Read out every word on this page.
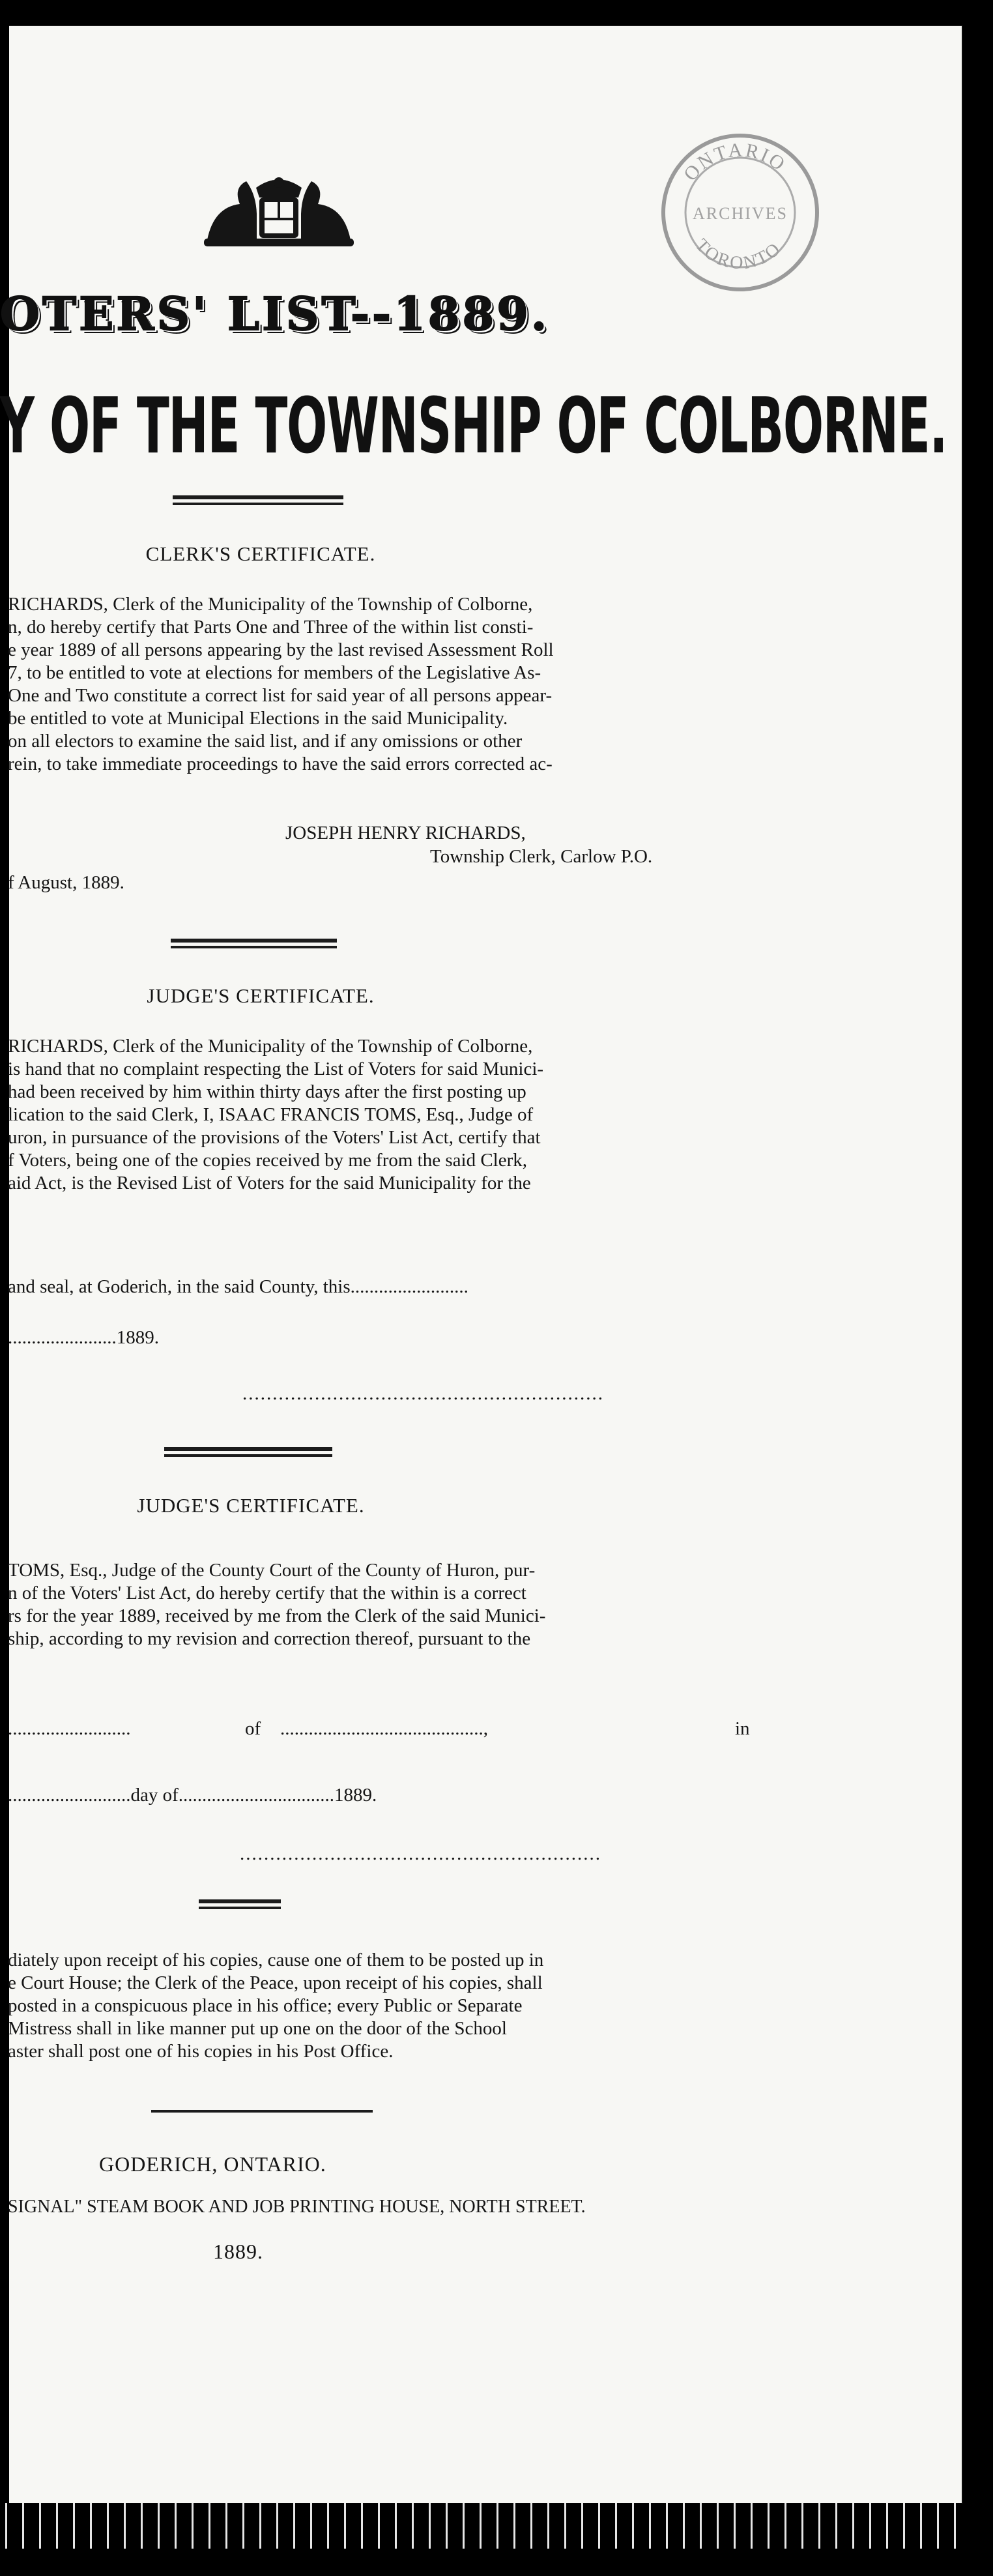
ONTARIO
TORONTO
ARCHIVES
OTERS' LIST--1889.
Y OF THE TOWNSHIP OF COLBORNE.
CLERK'S CERTIFICATE.
RICHARDS, Clerk of the Municipality of the Township of Colborne,
n, do hereby certify that Parts One and Three of the within list consti-
e year 1889 of all persons appearing by the last revised Assessment Roll
7, to be entitled to vote at elections for members of the Legislative As-
One and Two constitute a correct list for said year of all persons appear-
be entitled to vote at Municipal Elections in the said Municipality.
on all electors to examine the said list, and if any omissions or other
rein, to take immediate proceedings to have the said errors corrected ac-
JOSEPH HENRY RICHARDS,
Township Clerk, Carlow P.O.
f August, 1889.
JUDGE'S CERTIFICATE.
RICHARDS, Clerk of the Municipality of the Township of Colborne,
is hand that no complaint respecting the List of Voters for said Munici-
had been received by him within thirty days after the first posting up
lication to the said Clerk, I, ISAAC FRANCIS TOMS, Esq., Judge of
uron, in pursuance of the provisions of the Voters' List Act, certify that
f Voters, being one of the copies received by me from the said Clerk,
aid Act, is the Revised List of Voters for the said Municipality for the
and seal, at Goderich, in the said County, this.........................
.......................1889.
............................................................
JUDGE'S CERTIFICATE.
TOMS, Esq., Judge of the County Court of the County of Huron, pur-
n of the Voters' List Act, do hereby certify that the within is a correct
rs for the year 1889, received by me from the Clerk of the said Munici-
ship, according to my revision and correction thereof, pursuant to the
..........................	of ...........................................,	in
..........................day of.................................1889.
............................................................
diately upon receipt of his copies, cause one of them to be posted up in
e Court House; the Clerk of the Peace, upon receipt of his copies, shall
posted in a conspicuous place in his office; every Public or Separate
Mistress shall in like manner put up one on the door of the School
aster shall post one of his copies in his Post Office.
GODERICH, ONTARIO.
SIGNAL" STEAM BOOK AND JOB PRINTING HOUSE, NORTH STREET.
1889.
